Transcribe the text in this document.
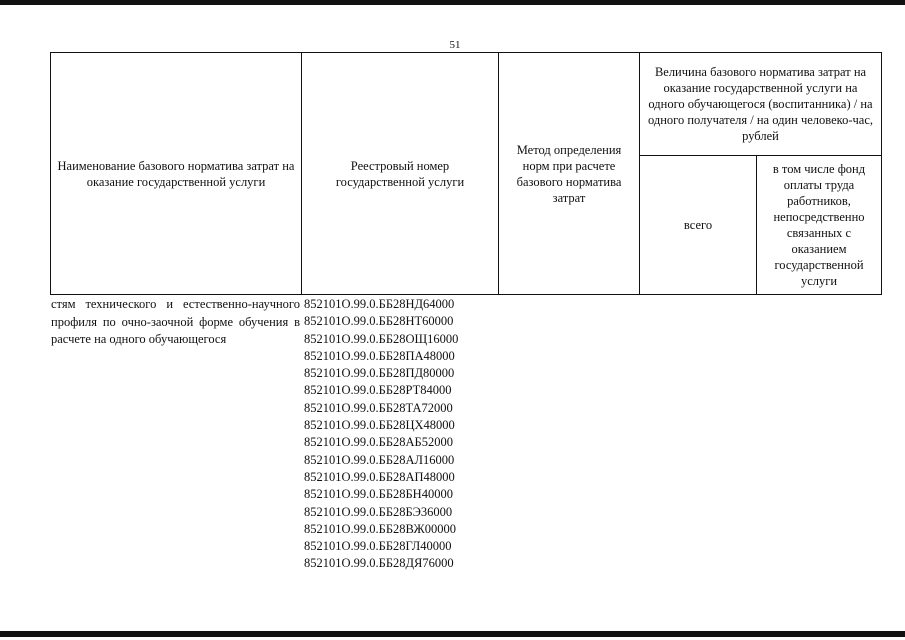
51
Наименование базового норматива затрат на оказание государственной услуги
Реестровый номер государственной услуги
Метод определения норм при расчете базового норматива затрат
Величина базового норматива затрат на оказание государственной услуги на одного обучающегося (воспитанника) / на одного получателя / на один человеко-час, рублей
всего
в том числе фонд оплаты труда работников, непосредственно связанных с оказанием государственной услуги
стям технического и естественно-научного профиля по очно-заочной форме обучения в расчете на одного обучающегося
852101О.99.0.ББ28НД64000
852101О.99.0.ББ28НТ60000
852101О.99.0.ББ28ОЩ16000
852101О.99.0.ББ28ПА48000
852101О.99.0.ББ28ПД80000
852101О.99.0.ББ28РТ84000
852101О.99.0.ББ28ТА72000
852101О.99.0.ББ28ЦХ48000
852101О.99.0.ББ28АБ52000
852101О.99.0.ББ28АЛ16000
852101О.99.0.ББ28АП48000
852101О.99.0.ББ28БН40000
852101О.99.0.ББ28БЭ36000
852101О.99.0.ББ28ВЖ00000
852101О.99.0.ББ28ГЛ40000
852101О.99.0.ББ28ДЯ76000
